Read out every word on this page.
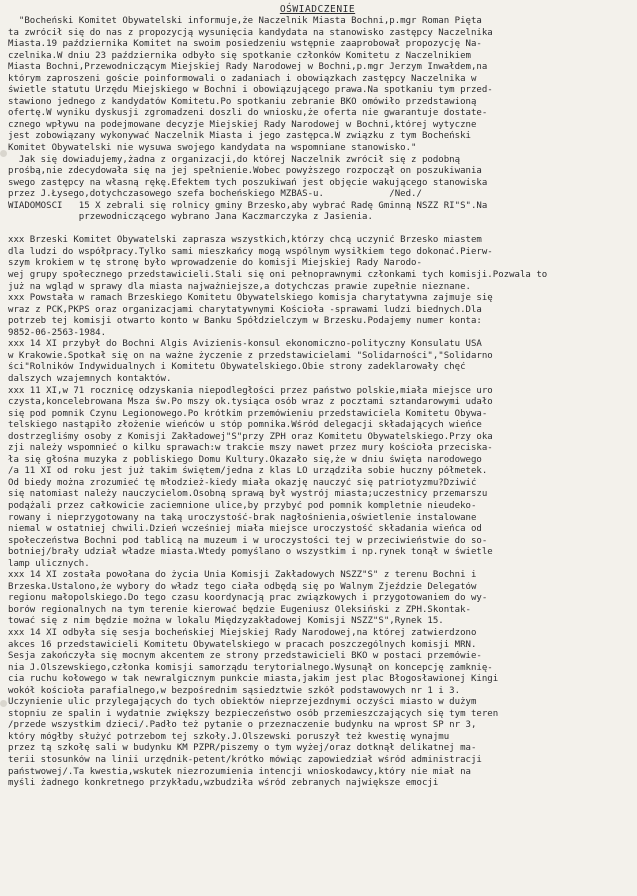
OŚWIADCZENIE
"Bocheński Komitet Obywatelski informuje,że Naczelnik Miasta Bochni,p.mgr Roman Pięta
ta zwrócił się do nas z propozycją wysunięcia kandydata na stanowisko zastępcy Naczelnika
Miasta.19 października Komitet na swoim posiedzeniu wstępnie zaaprobował propozycję Na-
czelnika.W dniu 23 października odbyło się spotkanie członków Komitetu z Naczelnikiem
Miasta Bochni,Przewodniczącym Miejskiej Rady Narodowej w Bochni,p.mgr Jerzym Inwałdem,na
którym zaproszeni goście poinformowali o zadaniach i obowiązkach zastępcy Naczelnika w
świetle statutu Urzędu Miejskiego w Bochni i obowiązującego prawa.Na spotkaniu tym przed-
stawiono jednego z kandydatów Komitetu.Po spotkaniu zebranie BKO omówiło przedstawioną
ofertę.W wyniku dyskusji zgromadzeni doszli do wniosku,że oferta nie gwarantuje dostate-
cznego wpływu na podejmowane decyzje Miejskiej Rady Narodowej w Bochni,której wytyczne
jest zobowiązany wykonywać Naczelnik Miasta i jego zastępca.W związku z tym Bocheński
Komitet Obywatelski nie wysuwa swojego kandydata na wspomniane stanowisko."
Jak się dowiadujemy,żadna z organizacji,do której Naczelnik zwrócił się z podobną
prośbą,nie zdecydowała się na jej spełnienie.Wobec powyższego rozpoczął on poszukiwania
swego zastępcy na własną rękę.Efektem tych poszukiwań jest objęcie wakującego stanowiska
przez J.Łysego,dotychczasowego szefa bocheńskiego MZBAS-u.            /Ned./
WIADOMOŚCI   15 X zebrali się rolnicy gminy Brzesko,aby wybrać Radę Gminną NSZZ RI"S".Na
przewodniczącego wybrano Jana Kaczmarczyka z Jasienia.
xxx Brzeski Komitet Obywatelski zaprasza wszystkich,którzy chcą uczynić Brzesko miastem
dla ludzi do współpracy.Tylko sami mieszkańcy mogą wspólnym wysiłkiem tego dokonać.Pierw-
szym krokiem w tę stronę było wprowadzenie do komisji Miejskiej Rady Narodo-
wej grupy społecznego przedstawicieli.Stali się oni pełnoprawnymi członkami tych komisji.Pozwala to
już na wgląd w sprawy dla miasta najważniejsze,a dotychczas prawie zupełnie nieznane.
xxx Powstała w ramach Brzeskiego Komitetu Obywatelskiego komisja charytatywna zajmuje się
wraz z PCK,PKPS oraz organizacjami charytatywnymi Kościoła -sprawami ludzi biednych.Dla
potrzeb tej komisji otwarto konto w Banku Spółdzielczym w Brzesku.Podajemy numer konta:
9852-06-2563-1984.
xxx 14 XI przybył do Bochni Algis Avizienis-konsul ekonomiczno-polityczny Konsulatu USA
w Krakowie.Spotkał się on na ważne życzenie z przedstawicielami "Solidarności","Solidarno
ści"Rolników Indywidualnych i Komitetu Obywatelskiego.Obie strony zadeklarowały chęć
dalszych wzajemnych kontaktów.
xxx 11 XI,w 71 rocznicę odzyskania niepodległości przez państwo polskie,miała miejsce uro
czysta,koncelebrowana Msza św.Po mszy ok.tysiąca osób wraz z pocztami sztandarowymi udało
się pod pomnik Czynu Legionowego.Po krótkim przemówieniu przedstawiciela Komitetu Obywa-
telskiego nastąpiło złożenie wieńców u stóp pomnika.Wśród delegacji składających wieńce
dostrzegliśmy osoby z Komisji Zakładowej"S"przy ZPH oraz Komitetu Obywatelskiego.Przy oka
zji należy wspomnieć o kilku sprawach:w trakcie mszy nawet przez mury kościoła przeciska-
ła się głośna muzyka z pobliskiego Domu Kultury.Okazało się,że w dniu święta narodowego
/a 11 XI od roku jest już takim świętem/jedna z klas LO urządziła sobie huczny półmetek.
Od biedy można zrozumieć tę młodzież-kiedy miała okazję nauczyć się patriotyzmu?Dziwić
się natomiast należy nauczycielom.Osobną sprawą był wystrój miasta;uczestnicy przemarszu
podążali przez całkowicie zaciemnione ulice,by przybyć pod pomnik kompletnie nieudeko-
rowany i nieprzygotowany na taką uroczystość-brak nagłośnienia,oświetlenie instalowane
niemal w ostatniej chwili.Dzień wcześniej miała miejsce uroczystość składania wieńca od
społeczeństwa Bochni pod tablicą na muzeum i w uroczystości tej w przeciwieństwie do so-
botniej/brały udział władze miasta.Wtedy pomyślano o wszystkim i np.rynek tonął w świetle
lamp ulicznych.
xxx 14 XI została powołana do życia Unia Komisji Zakładowych NSZZ"S" z terenu Bochni i
Brzeska.Ustalono,że wybory do władz tego ciała odbędą się po Walnym Zjeździe Delegatów
regionu małopolskiego.Do tego czasu koordynacją prac związkowych i przygotowaniem do wy-
borów regionalnych na tym terenie kierować będzie Eugeniusz Oleksiński z ZPH.Skontak-
tować się z nim będzie można w lokalu Międzyzakładowej Komisji NSZZ"S",Rynek 15.
xxx 14 XI odbyła się sesja bocheńskiej Miejskiej Rady Narodowej,na której zatwierdzono
akces 16 przedstawicieli Komitetu Obywatelskiego w pracach poszczególnych komisji MRN.
Sesja zakończyła się mocnym akcentem ze strony przedstawicieli BKO w postaci przemówie-
nia J.Olszewskiego,członka komisji samorządu terytorialnego.Wysunął on koncepcję zamknię-
cia ruchu kołowego w tak newralgicznym punkcie miasta,jakim jest plac Błogosławionej Kingi
wokół kościoła parafialnego,w bezpośrednim sąsiedztwie szkół podstawowych nr 1 i 3.
Uczynienie ulic przylegających do tych obiektów nieprzejezdnymi oczyści miasto w dużym
stopniu ze spalin i wydatnie zwiększy bezpieczeństwo osób przemieszczających się tym teren
/przede wszystkim dzieci/.Padło też pytanie o przeznaczenie budynku na wprost SP nr 3,
który mógłby służyć potrzebom tej szkoły.J.Olszewski poruszył też kwestię wynajmu
przez tą szkołę sali w budynku KM PZPR/piszemy o tym wyżej/oraz dotknął delikatnej ma-
terii stosunków na linii urzędnik-petent/krótko mówiąc zapowiedział wśród administracji
państwowej/.Ta kwestia,wskutek niezrozumienia intencji wnioskodawcy,który nie miał na
myśli żadnego konkretnego przykładu,wzbudziła wśród zebranych największe emocji
